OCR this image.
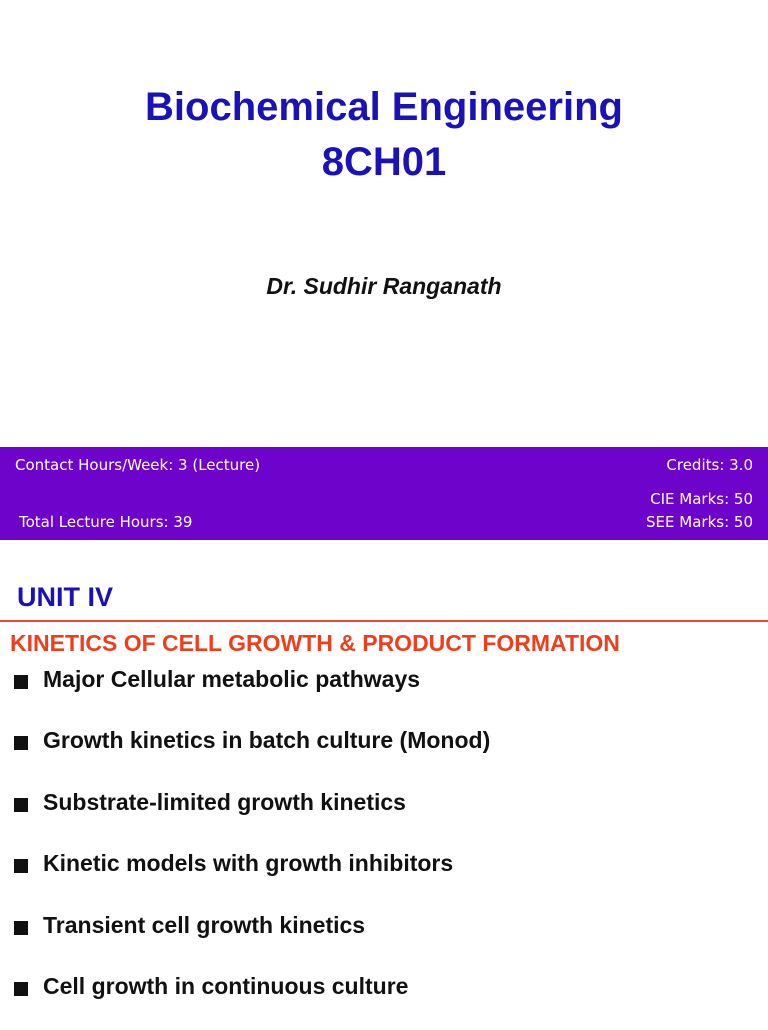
Biochemical Engineering
8CH01
Dr. Sudhir Ranganath
Contact Hours/Week: 3 (Lecture)	Credits: 3.0
CIE Marks: 50
Total Lecture Hours: 39	SEE Marks: 50
UNIT IV
KINETICS OF CELL GROWTH & PRODUCT FORMATION
Major Cellular metabolic pathways
Growth kinetics in batch culture (Monod)
Substrate-limited growth kinetics
Kinetic models with growth inhibitors
Transient cell growth kinetics
Cell growth in continuous culture
